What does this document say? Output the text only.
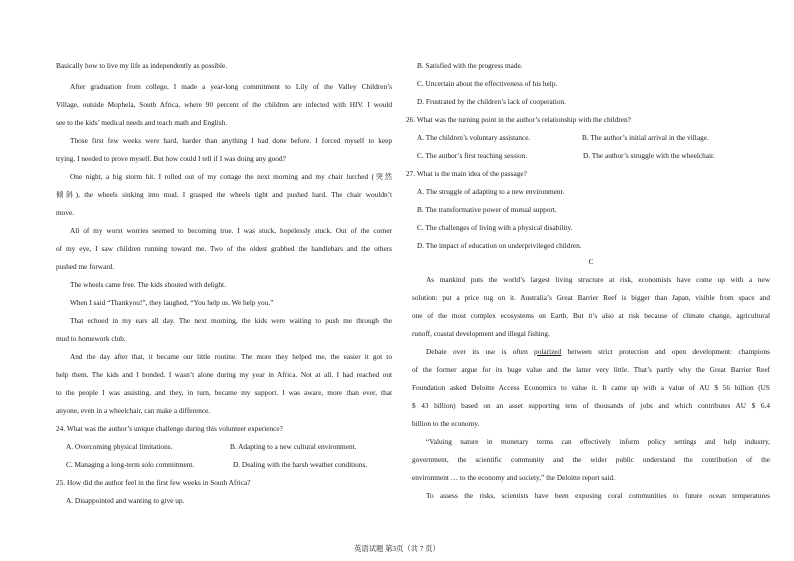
Basically how to live my life as independently as possible.
After graduation from college, I made a year-long commitment to Lily of the Valley Children’s
Village, outside Mophela, South Africa, where 90 percent of the children are infected with HIV. I would
see to the kids’ medical needs and teach math and English.
Those first few weeks were hard, harder than anything I had done before. I forced myself to keep
trying. I needed to prove myself. But how could I tell if I was doing any good?
One night, a big storm hit. I rolled out of my cottage the next morning and my chair lurched (突然
倾斜), the wheels sinking into mud. I grasped the wheels tight and pushed hard. The chair wouldn’t
move.
All of my worst worries seemed to becoming true. I was stuck, hopelessly stuck. Out of the corner
of my eye, I saw children running toward me. Two of the oldest grabbed the handlebars and the others
pushed me forward.
The wheels came free. The kids shouted with delight.
When I said “Thankyou!”, they laughed, “You help us. We help you.”
That echoed in my ears all day. The next morning, the kids were waiting to push me through the
mud to homework club.
And the day after that, it became our little routine. The more they helped me, the easier it got to
help them. The kids and I bonded. I wasn’t alone during my year in Africa. Not at all. I had reached out
to the people I was assisting, and they, in turn, became my support. I was aware, more than ever, that
anyone, even in a wheelchair, can make a difference.
24. What was the author’s unique challenge during this volunteer experience?
A. Overcoming physical limitations.	B. Adapting to a new cultural environment.
C. Managing a long-term solo commitment.	D. Dealing with the harsh weather conditions.
25. How did the author feel in the first few weeks in South Africa?
A. Disappointed and wanting to give up.
B. Satisfied with the progress made.
C. Uncertain about the effectiveness of his help.
D. Frustrated by the children’s lack of cooperation.
26. What was the turning point in the author’s relationship with the children?
A. The children’s voluntary assistance.	B. The author’s initial arrival in the village.
C. The author’s first teaching session.	D. The author’s struggle with the wheelchair.
27. What is the main idea of the passage?
A. The struggle of adapting to a new environment.
B. The transformative power of mutual support.
C. The challenges of living with a physical disability.
D. The impact of education on underprivileged children.
C
As mankind puts the world’s largest living structure at risk, economists have come up with a new
solution: put a price tug on it. Australia’s Great Barrier Reef is bigger than Japan, visible from space and
one of the most complex ecosystems on Earth. But it’s also at risk because of climate change, agricultural
runoff, coastal development and illegal fishing.
Debate over its use is often polarized between strict protection and open development: champions
of the former argue for its huge value and the latter very little. That’s partly why the Great Barrier Reef
Foundation asked Deloitte Access Economics to value it. It came up with a value of AU $ 56 billion (US
$ 43 billion) based on an asset supporting tens of thousands of jobs and which contributes AU $ 6.4
billion to the economy.
“Valuing nature in monetary terms can effectively inform policy settings and help industry,
government, the scientific community and the wider public understand the contribution of the
environment … to the economy and society,” the Deloitte report said.
To assess the risks, scientists have been exposing coral communities to future ocean temperatures
英语试题 第3页（共 7 页）
